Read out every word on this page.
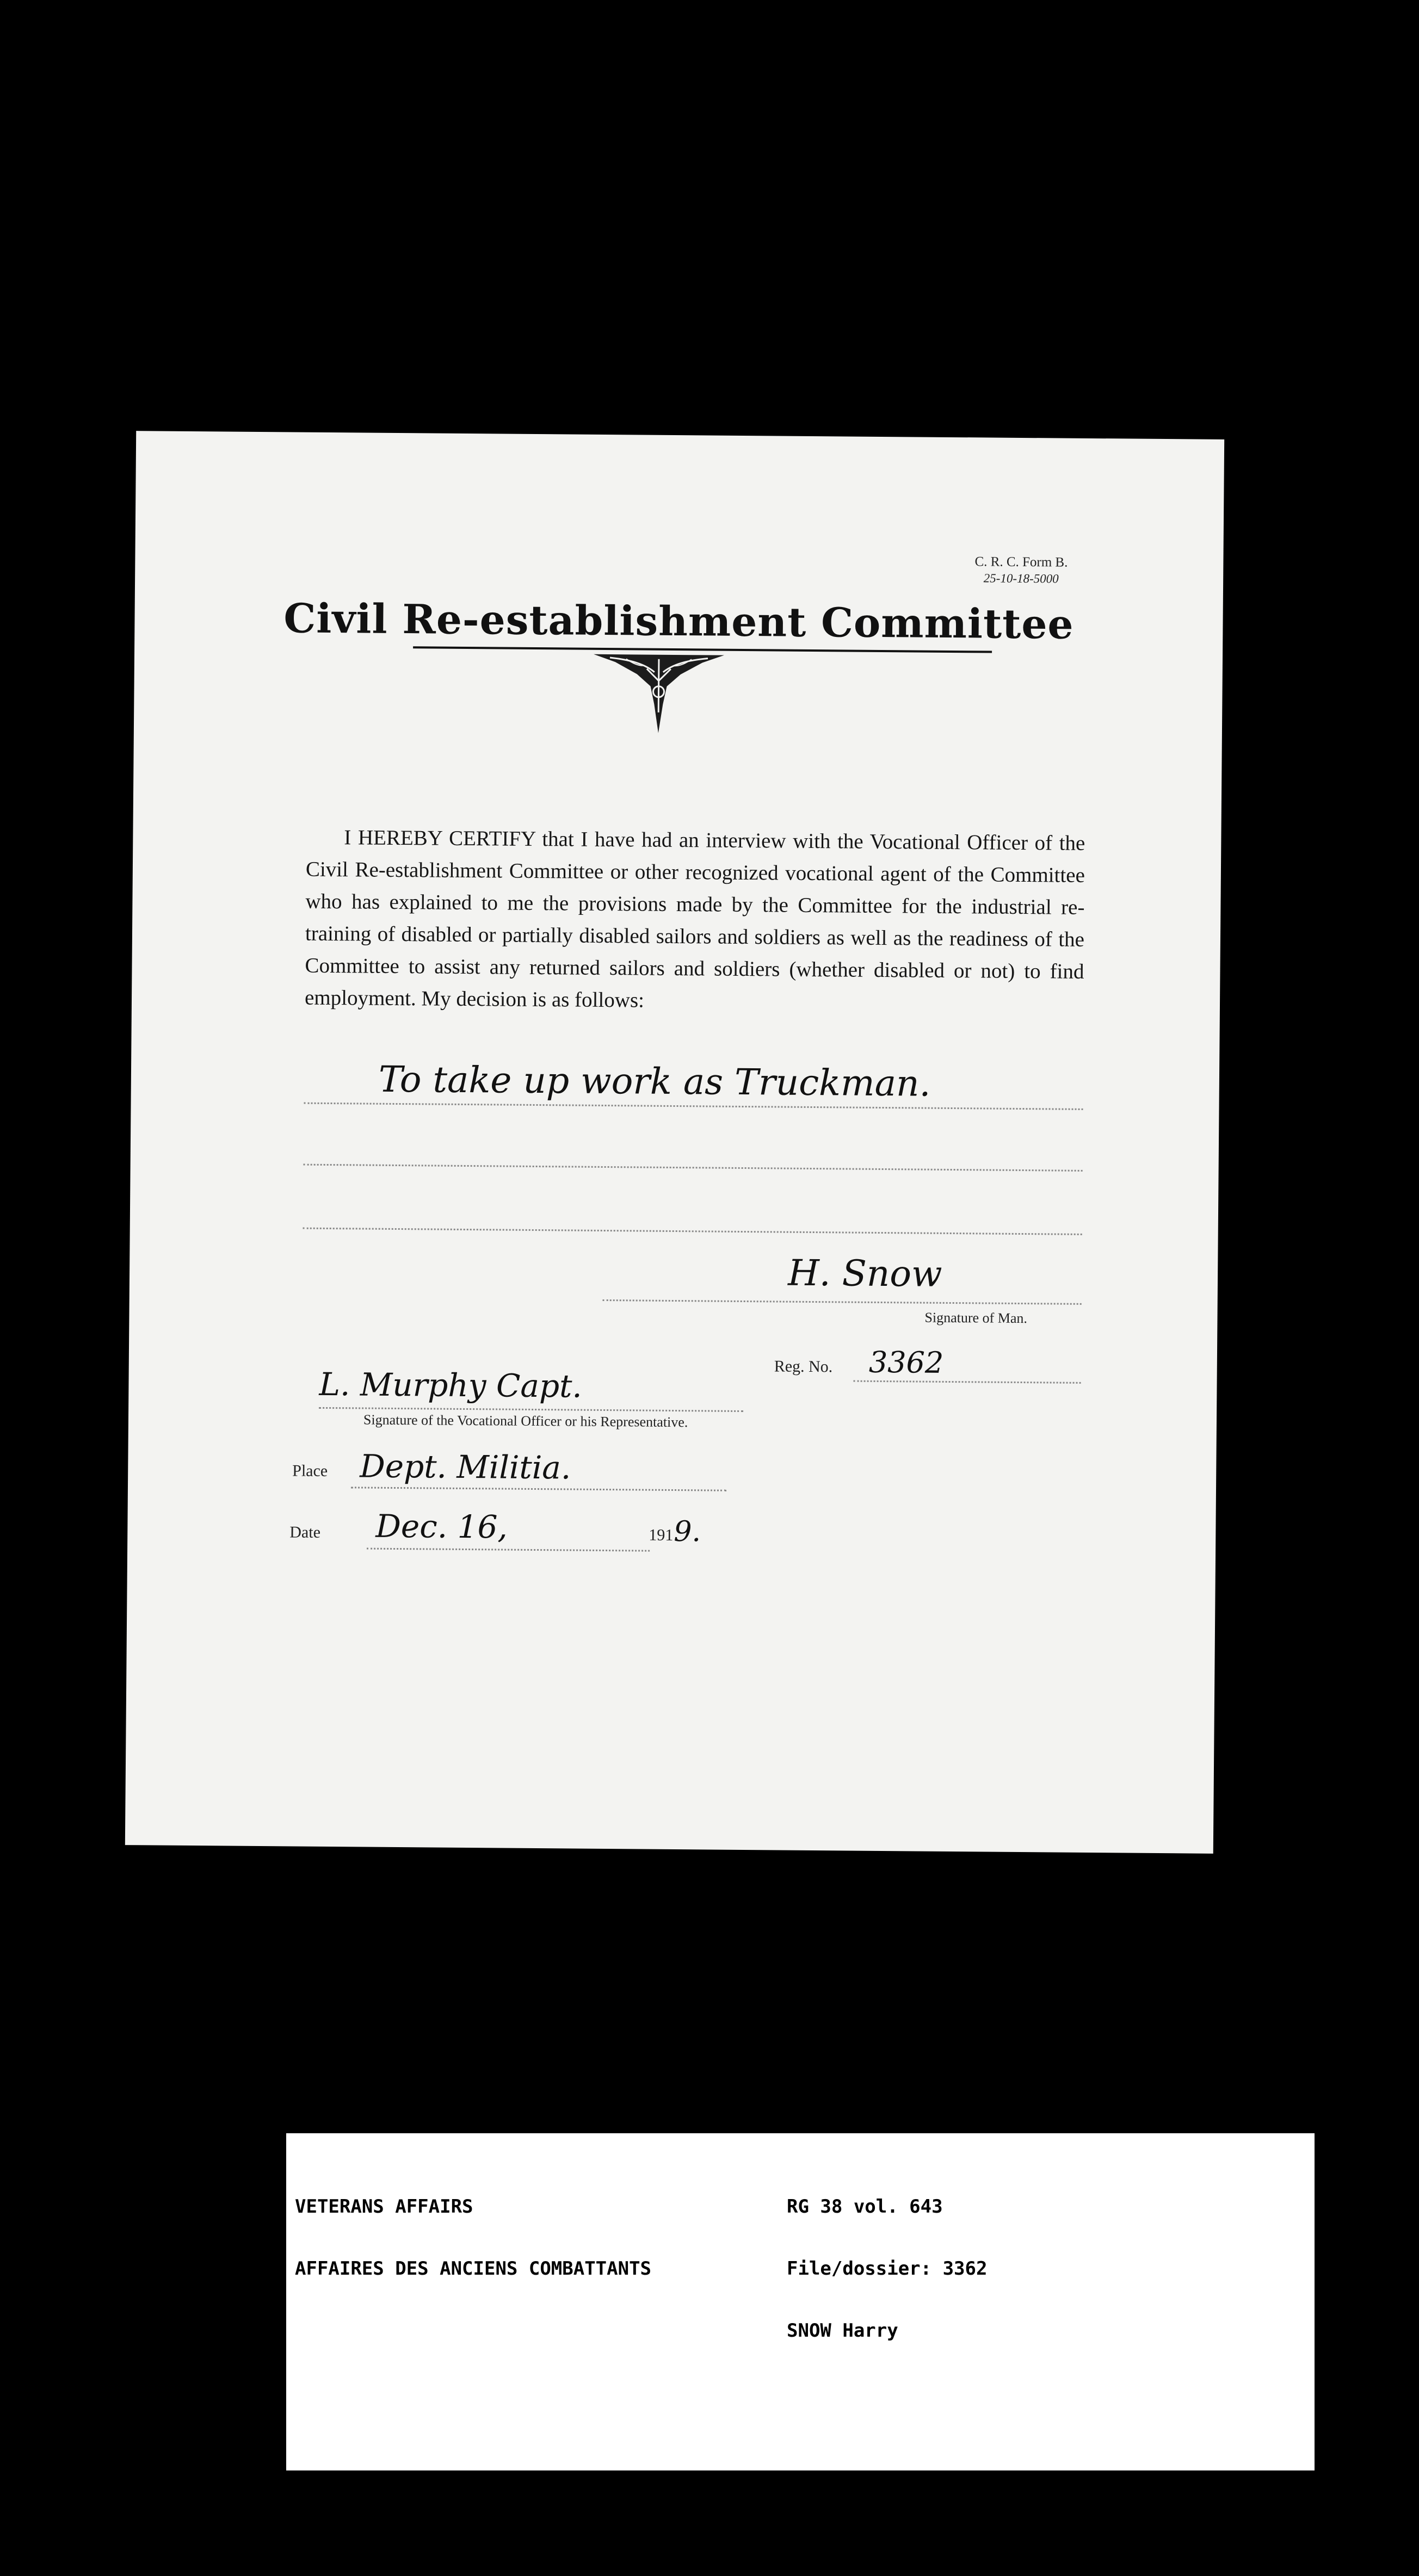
C. R. C. Form B.
25-10-18-5000
Civil Re-establishment Committee
I HEREBY CERTIFY that I have had an interview with the Vocational Officer of the Civil Re-establishment Committee or other recognized vocational agent of the Committee who has explained to me the provisions made by the Committee for the industrial re-training of disabled or partially disabled sailors and soldiers as well as the readiness of the Committee to assist any returned sailors and soldiers (whether disabled or not) to find employment. My decision is as follows:
To take up work as Truckman.
H. Snow
Signature of Man.
Reg. No. 3362
L. Murphy Capt.
Signature of the Vocational Officer or his Representative.
Place Dept. Militia.
Date Dec. 16,	191 9.

VETERANS AFFAIRS

AFFAIRES DES ANCIENS COMBATTANTS

RG 38 vol. 643

File/dossier: 3362

SNOW Harry
